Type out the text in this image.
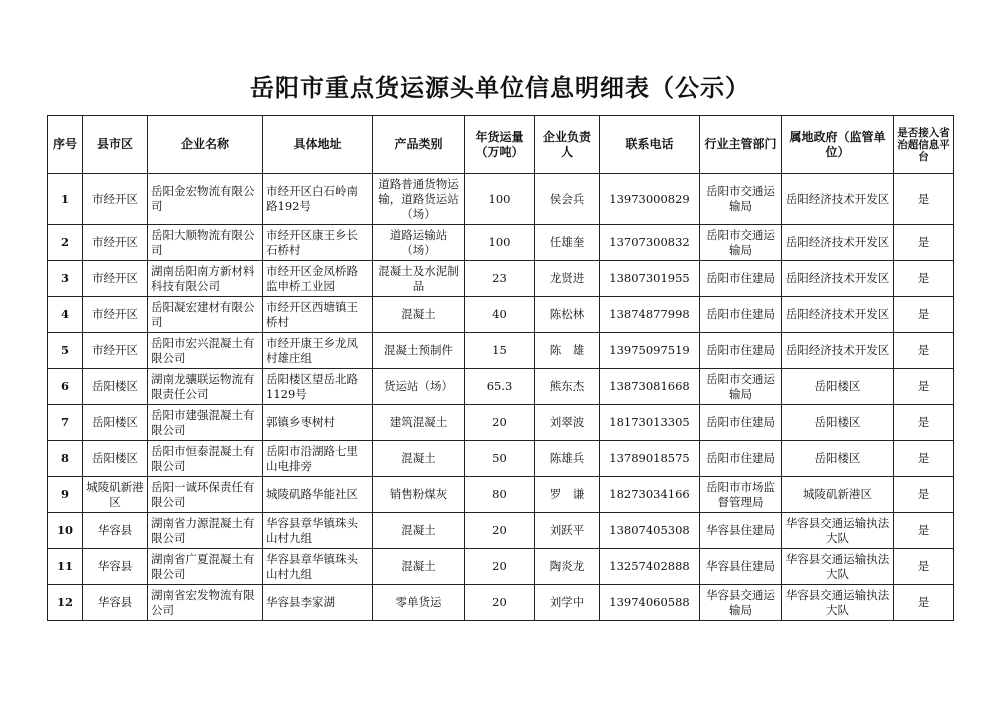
岳阳市重点货运源头单位信息明细表（公示）
序号	县市区	企业名称	具体地址	产品类别	年货运量（万吨）	企业负责人	联系电话	行业主管部门	属地政府（监管单位）	是否接入省治超信息平台
1	市经开区	岳阳金宏物流有限公司	市经开区白石岭南路192号	道路普通货物运输，道路货运站（场）	100	侯会兵	13973000829	岳阳市交通运输局	岳阳经济技术开发区	是
2	市经开区	岳阳大顺物流有限公司	市经开区康王乡长石桥村	道路运输站（场）	100	任雄奎	13707300832	岳阳市交通运输局	岳阳经济技术开发区	是
3	市经开区	湖南岳阳南方新材料科技有限公司	市经开区金凤桥路监申桥工业园	混凝土及水泥制品	23	龙贤进	13807301955	岳阳市住建局	岳阳经济技术开发区	是
4	市经开区	岳阳凝宏建材有限公司	市经开区西塘镇王桥村	混凝土	40	陈松林	13874877998	岳阳市住建局	岳阳经济技术开发区	是
5	市经开区	岳阳市宏兴混凝土有限公司	市经开康王乡龙凤村雄庄组	混凝土预制件	15	陈　雄	13975097519	岳阳市住建局	岳阳经济技术开发区	是
6	岳阳楼区	湖南龙骧联运物流有限责任公司	岳阳楼区望岳北路1129号	货运站（场）	65.3	熊东杰	13873081668	岳阳市交通运输局	岳阳楼区	是
7	岳阳楼区	岳阳市建强混凝土有限公司	郭镇乡枣树村	建筑混凝土	20	刘翠波	18173013305	岳阳市住建局	岳阳楼区	是
8	岳阳楼区	岳阳市恒泰混凝土有限公司	岳阳市沿湖路七里山电排旁	混凝土	50	陈雄兵	13789018575	岳阳市住建局	岳阳楼区	是
9	城陵矶新港区	岳阳一诚环保责任有限公司	城陵矶路华能社区	销售粉煤灰	80	罗　谦	18273034166	岳阳市市场监督管理局	城陵矶新港区	是
10	华容县	湖南省力源混凝土有限公司	华容县章华镇珠头山村九组	混凝土	20	刘跃平	13807405308	华容县住建局	华容县交通运输执法大队	是
11	华容县	湖南省广夏混凝土有限公司	华容县章华镇珠头山村九组	混凝土	20	陶炎龙	13257402888	华容县住建局	华容县交通运输执法大队	是
12	华容县	湖南省宏发物流有限公司	华容县李家湖	零单货运	20	刘学中	13974060588	华容县交通运输局	华容县交通运输执法大队	是
